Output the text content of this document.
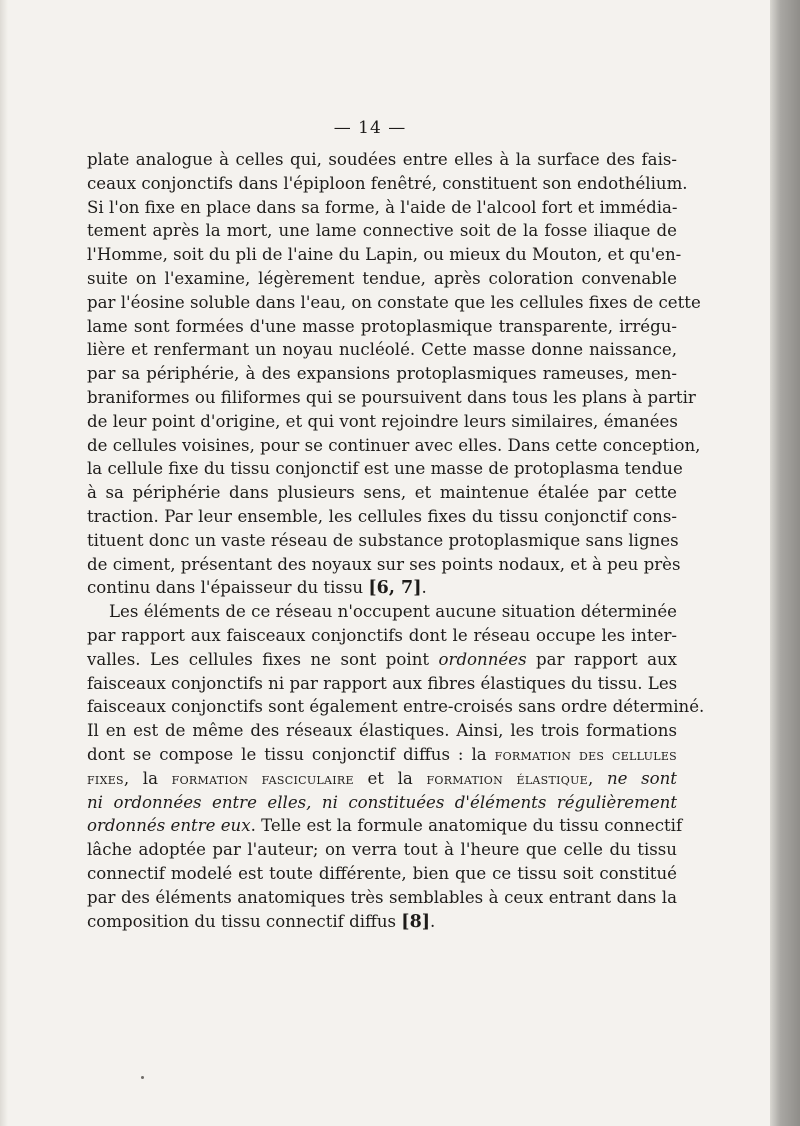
— 14 —
plate analogue à celles qui, soudées entre elles à la surface des fais-
ceaux conjonctifs dans l'épiploon fenêtré, constituent son endothélium.
Si l'on fixe en place dans sa forme, à l'aide de l'alcool fort et immédia-
tement après la mort, une lame connective soit de la fosse iliaque de
l'Homme, soit du pli de l'aine du Lapin, ou mieux du Mouton, et qu'en-
suite on l'examine, légèrement tendue, après coloration convenable
par l'éosine soluble dans l'eau, on constate que les cellules fixes de cette
lame sont formées d'une masse protoplasmique transparente, irrégu-
lière et renfermant un noyau nucléolé. Cette masse donne naissance,
par sa périphérie, à des expansions protoplasmiques rameuses, men-
braniformes ou filiformes qui se poursuivent dans tous les plans à partir
de leur point d'origine, et qui vont rejoindre leurs similaires, émanées
de cellules voisines, pour se continuer avec elles. Dans cette conception,
la cellule fixe du tissu conjonctif est une masse de protoplasma tendue
à sa périphérie dans plusieurs sens, et maintenue étalée par cette
traction. Par leur ensemble, les cellules fixes du tissu conjonctif cons-
tituent donc un vaste réseau de substance protoplasmique sans lignes
de ciment, présentant des noyaux sur ses points nodaux, et à peu près
continu dans l'épaisseur du tissu [6, 7].
Les éléments de ce réseau n'occupent aucune situation déterminée
par rapport aux faisceaux conjonctifs dont le réseau occupe les inter-
valles. Les cellules fixes ne sont point ordonnées par rapport aux
faisceaux conjonctifs ni par rapport aux fibres élastiques du tissu. Les
faisceaux conjonctifs sont également entre-croisés sans ordre déterminé.
Il en est de même des réseaux élastiques. Ainsi, les trois formations
dont se compose le tissu conjonctif diffus : la formation des cellules
fixes, la formation fasciculaire et la formation élastique, ne sont
ni ordonnées entre elles, ni constituées d'éléments régulièrement
ordonnés entre eux. Telle est la formule anatomique du tissu connectif
lâche adoptée par l'auteur; on verra tout à l'heure que celle du tissu
connectif modelé est toute différente, bien que ce tissu soit constitué
par des éléments anatomiques très semblables à ceux entrant dans la
composition du tissu connectif diffus [8].
